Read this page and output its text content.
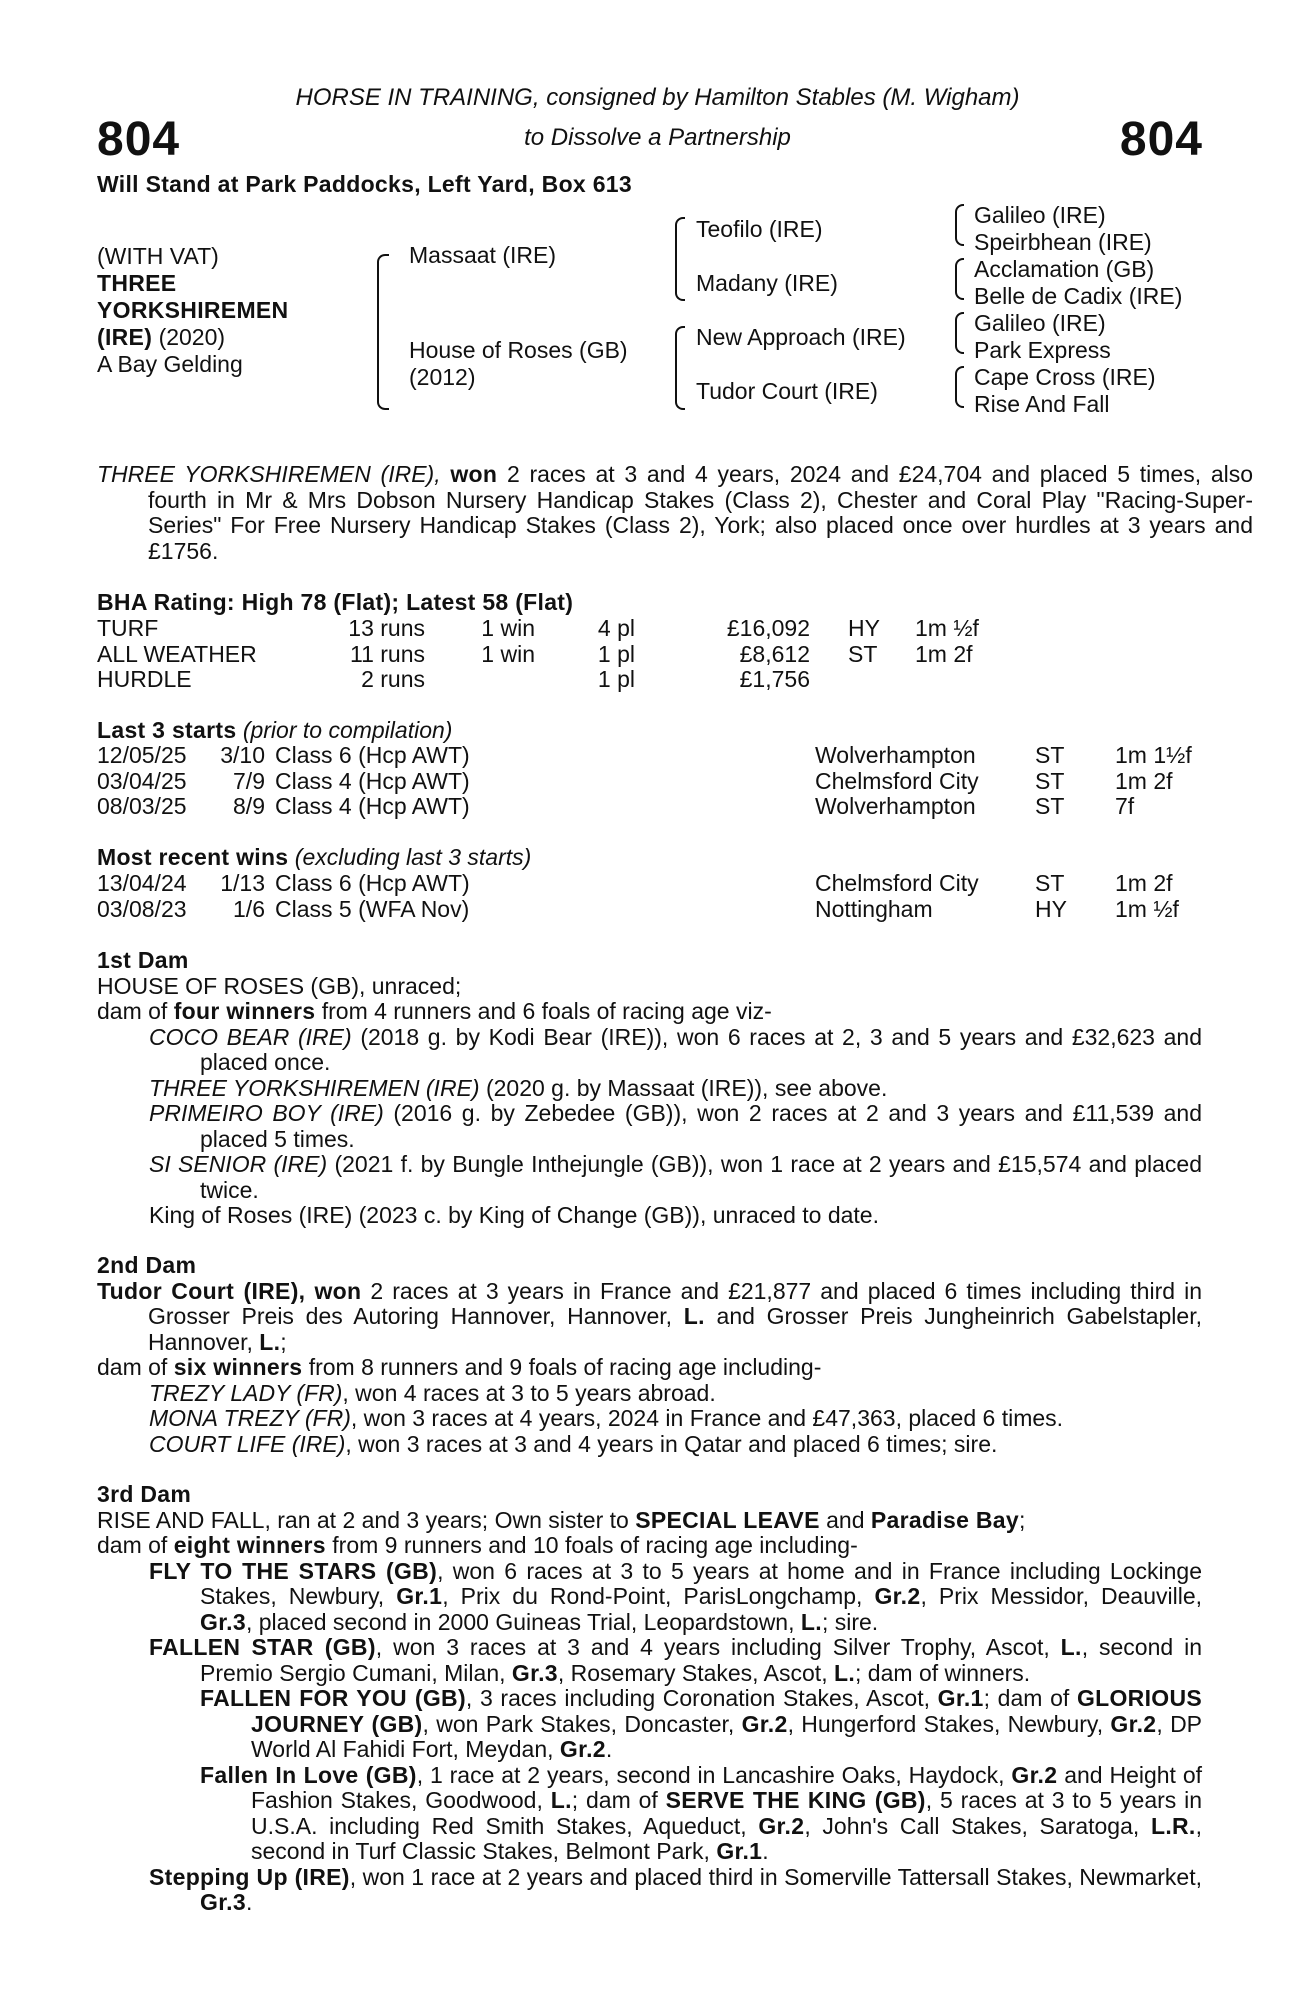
804	804
HORSE IN TRAINING, consigned by Hamilton Stables (M. Wigham)
to Dissolve a Partnership
Will Stand at Park Paddocks, Left Yard, Box 613
(WITH VAT)
THREE
YORKSHIREMEN
(IRE) (2020)
A Bay Gelding
Massaat (IRE)
House of Roses (GB)
(2012)
Teofilo (IRE)
Madany (IRE)
New Approach (IRE)
Tudor Court (IRE)
Galileo (IRE)
Speirbhean (IRE)
Acclamation (GB)
Belle de Cadix (IRE)
Galileo (IRE)
Park Express
Cape Cross (IRE)
Rise And Fall
THREE YORKSHIREMEN (IRE), won 2 races at 3 and 4 years, 2024 and £24,704 and placed 5 times, also fourth in Mr & Mrs Dobson Nursery Handicap Stakes (Class 2), Chester and Coral Play "Racing-Super-Series" For Free Nursery Handicap Stakes (Class 2), York; also placed once over hurdles at 3 years and £1756.
BHA Rating: High 78 (Flat); Latest 58 (Flat)
TURF	13 runs	1 win	4 pl	£16,092	HY	1m ½f
ALL WEATHER	11 runs	1 win	1 pl	£8,612	ST	1m 2f
HURDLE	2 runs		1 pl	£1,756		
Last 3 starts (prior to compilation)
12/05/25	3/10	Class 6 (Hcp AWT)	Wolverhampton	ST	1m 1½f
03/04/25	7/9	Class 4 (Hcp AWT)	Chelmsford City	ST	1m 2f
08/03/25	8/9	Class 4 (Hcp AWT)	Wolverhampton	ST	7f
Most recent wins (excluding last 3 starts)
13/04/24	1/13	Class 6 (Hcp AWT)	Chelmsford City	ST	1m 2f
03/08/23	1/6	Class 5 (WFA Nov)	Nottingham	HY	1m ½f

1st Dam

HOUSE OF ROSES (GB), unraced;

dam of four winners from 4 runners and 6 foals of racing age viz-

COCO BEAR (IRE) (2018 g. by Kodi Bear (IRE)), won 6 races at 2, 3 and 5 years and £32,623 and placed once.

THREE YORKSHIREMEN (IRE) (2020 g. by Massaat (IRE)), see above.

PRIMEIRO BOY (IRE) (2016 g. by Zebedee (GB)), won 2 races at 2 and 3 years and £11,539 and placed 5 times.

SI SENIOR (IRE) (2021 f. by Bungle Inthejungle (GB)), won 1 race at 2 years and £15,574 and placed twice.

King of Roses (IRE) (2023 c. by King of Change (GB)), unraced to date.

2nd Dam

Tudor Court (IRE), won 2 races at 3 years in France and £21,877 and placed 6 times including third in Grosser Preis des Autoring Hannover, Hannover, L. and Grosser Preis Jungheinrich Gabelstapler, Hannover, L.;

dam of six winners from 8 runners and 9 foals of racing age including-

TREZY LADY (FR), won 4 races at 3 to 5 years abroad.

MONA TREZY (FR), won 3 races at 4 years, 2024 in France and £47,363, placed 6 times.

COURT LIFE (IRE), won 3 races at 3 and 4 years in Qatar and placed 6 times; sire.

3rd Dam

RISE AND FALL, ran at 2 and 3 years; Own sister to SPECIAL LEAVE and Paradise Bay;

dam of eight winners from 9 runners and 10 foals of racing age including-

FLY TO THE STARS (GB), won 6 races at 3 to 5 years at home and in France including Lockinge Stakes, Newbury, Gr.1, Prix du Rond-Point, ParisLongchamp, Gr.2, Prix Messidor, Deauville, Gr.3, placed second in 2000 Guineas Trial, Leopardstown, L.; sire.

FALLEN STAR (GB), won 3 races at 3 and 4 years including Silver Trophy, Ascot, L., second in Premio Sergio Cumani, Milan, Gr.3, Rosemary Stakes, Ascot, L.; dam of winners.

FALLEN FOR YOU (GB), 3 races including Coronation Stakes, Ascot, Gr.1; dam of GLORIOUS JOURNEY (GB), won Park Stakes, Doncaster, Gr.2, Hungerford Stakes, Newbury, Gr.2, DP World Al Fahidi Fort, Meydan, Gr.2.

Fallen In Love (GB), 1 race at 2 years, second in Lancashire Oaks, Haydock, Gr.2 and Height of Fashion Stakes, Goodwood, L.; dam of SERVE THE KING (GB), 5 races at 3 to 5 years in U.S.A. including Red Smith Stakes, Aqueduct, Gr.2, John's Call Stakes, Saratoga, L.R., second in Turf Classic Stakes, Belmont Park, Gr.1.

Stepping Up (IRE), won 1 race at 2 years and placed third in Somerville Tattersall Stakes, Newmarket, Gr.3.
